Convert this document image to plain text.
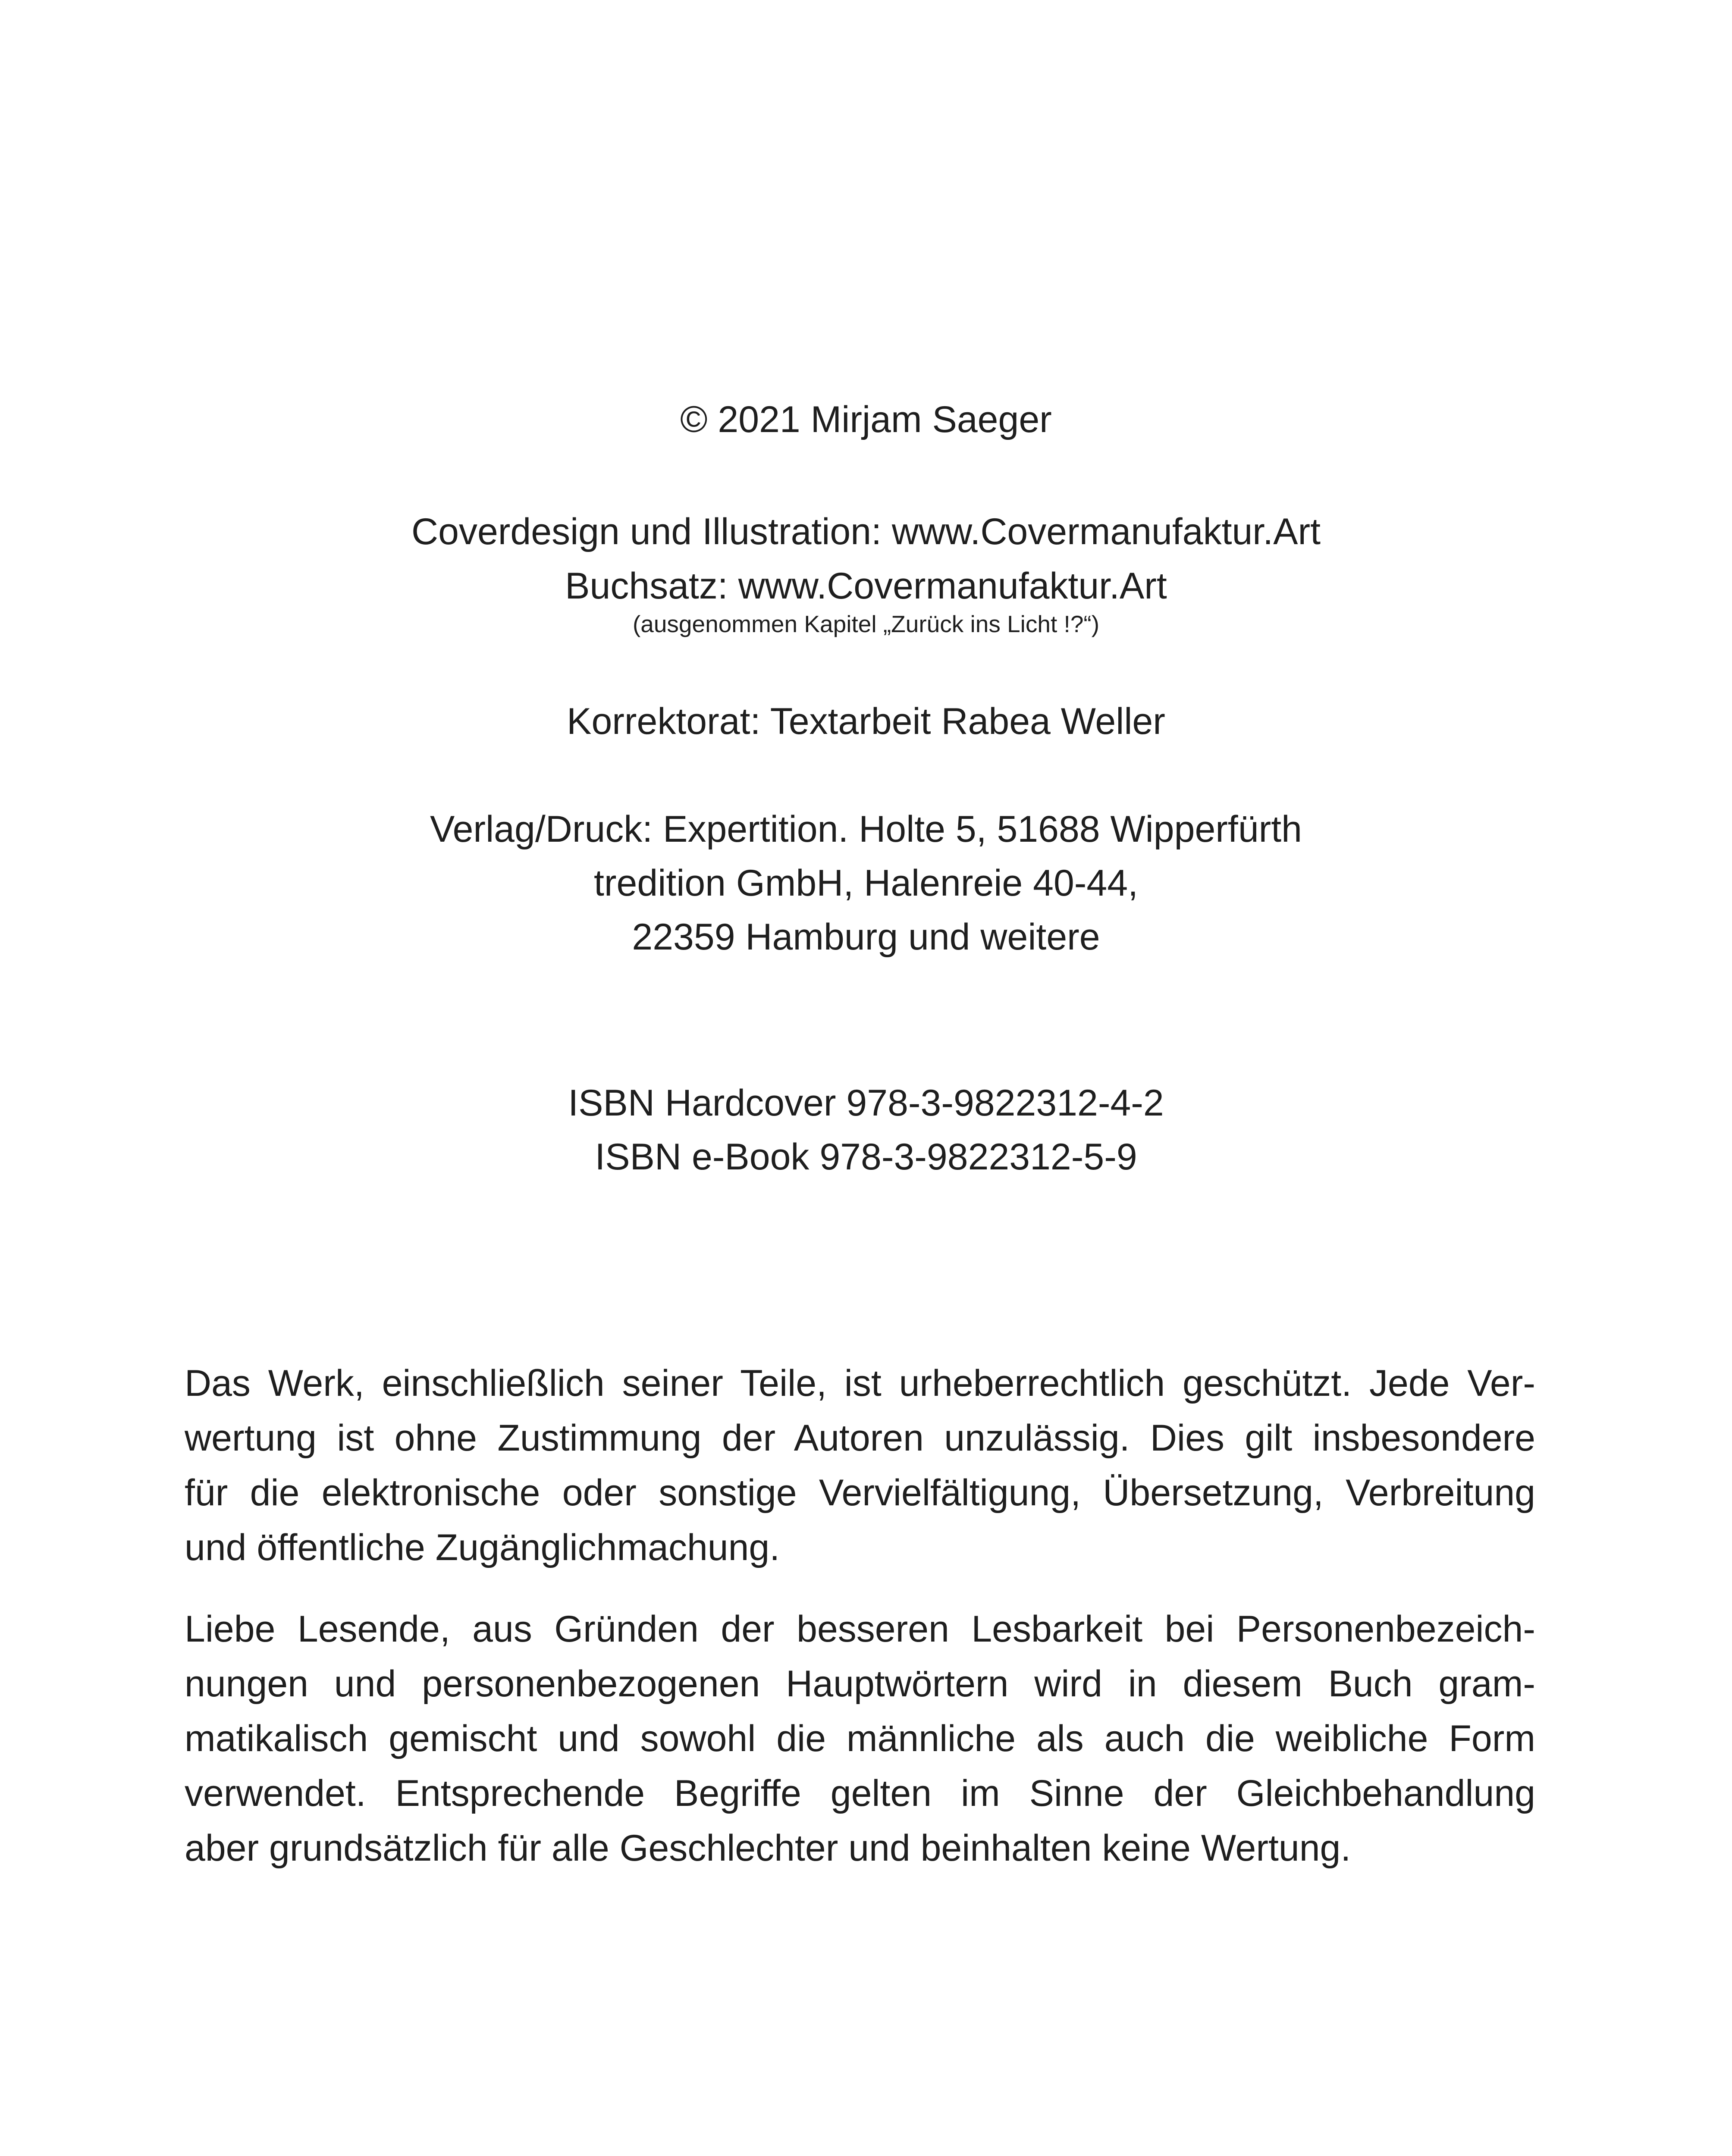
© 2021 Mirjam Saeger
Coverdesign und Illustration: www.Covermanufaktur.Art
Buchsatz: www.Covermanufaktur.Art
(ausgenommen Kapitel „Zurück ins Licht !?“)
Korrektorat: Textarbeit Rabea Weller
Verlag/Druck: Expertition. Holte 5, 51688 Wipperfürth
tredition GmbH, Halenreie 40-44,
22359 Hamburg und weitere
ISBN Hardcover 978-3-9822312-4-2
ISBN e-Book 978-3-9822312-5-9
Das Werk, einschließlich seiner Teile, ist urheberrechtlich geschützt. Jede Ver-
wertung ist ohne Zustimmung der Autoren unzulässig. Dies gilt insbesondere
für die elektronische oder sonstige Vervielfältigung, Übersetzung, Verbreitung
und öffentliche Zugänglichmachung.
Liebe Lesende, aus Gründen der besseren Lesbarkeit bei Personenbezeich-
nungen und personenbezogenen Hauptwörtern wird in diesem Buch gram-
matikalisch gemischt und sowohl die männliche als auch die weibliche Form
verwendet. Entsprechende Begriffe gelten im Sinne der Gleichbehandlung
aber grundsätzlich für alle Geschlechter und beinhalten keine Wertung.
